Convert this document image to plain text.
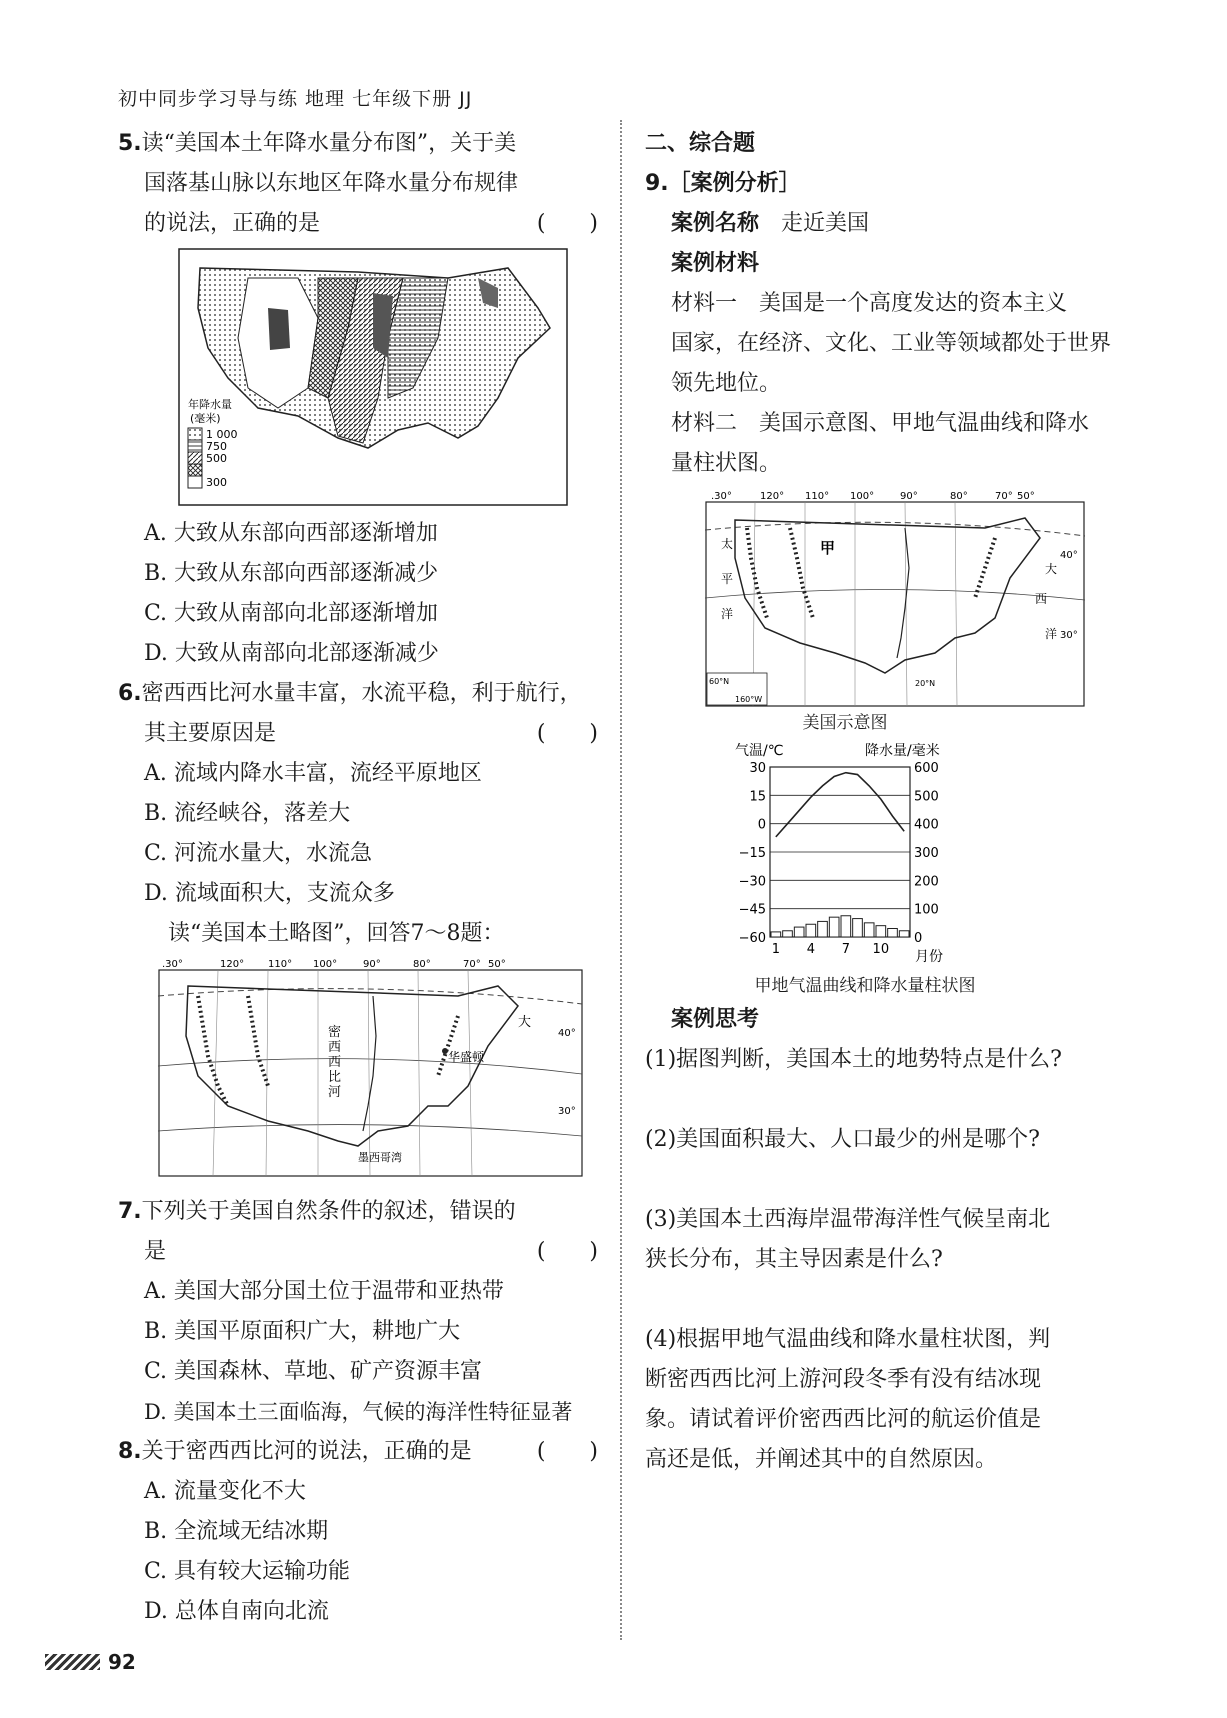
初中同步学习导与练 地理 七年级下册 JJ
5.读“美国本土年降水量分布图”，关于美
国落基山脉以东地区年降水量分布规律
的说法，正确的是	(　　)
年降水量
(毫米)
1 000
750
500
300
A. 大致从东部向西部逐渐增加
B. 大致从东部向西部逐渐减少
C. 大致从南部向北部逐渐增加
D. 大致从南部向北部逐渐减少
6.密西西比河水量丰富，水流平稳，利于航行，
其主要原因是	(　　)
A. 流域内降水丰富，流经平原地区
B. 流经峡谷，落差大
C. 河流水量大，水流急
D. 流域面积大，支流众多
读“美国本土略图”，回答7～8题：
.30°	120° 110° 100°	90°	80°	70° 50°
40°
30°
密
西
西
比
河
华盛顿
墨西哥湾
大
7.下列关于美国自然条件的叙述，错误的
是	(　　)
A. 美国大部分国土位于温带和亚热带
B. 美国平原面积广大，耕地广大
C. 美国森林、草地、矿产资源丰富
D. 美国本土三面临海，气候的海洋性特征显著
8.关于密西西比河的说法，正确的是	(　　)
A. 流量变化不大
B. 全流域无结冰期
C. 具有较大运输功能
D. 总体自南向北流
二、综合题
9.［案例分析］
案例名称　 走近美国
案例材料
材料一　美国是一个高度发达的资本主义
国家，在经济、文化、工业等领域都处于世界
领先地位。
材料二　美国示意图、甲地气温曲线和降水
量柱状图。
.30°	120° 110° 100°	90°	80°	70° 50°
40°
30°
60°N
160°W
20°N
甲
太
平
洋
大
西
洋
美国示意图
气温/℃	降水量/毫米
30
15
0
−15
−30
−45
−60
600
500
400
300
200
100
0
1 4 7 10 月份
甲地气温曲线和降水量柱状图
案例思考
(1)据图判断，美国本土的地势特点是什么?
(2)美国面积最大、人口最少的州是哪个?
(3)美国本土西海岸温带海洋性气候呈南北
狭长分布，其主导因素是什么?
(4)根据甲地气温曲线和降水量柱状图，判
断密西西比河上游河段冬季有没有结冰现
象。请试着评价密西西比河的航运价值是
高还是低，并阐述其中的自然原因。
92
